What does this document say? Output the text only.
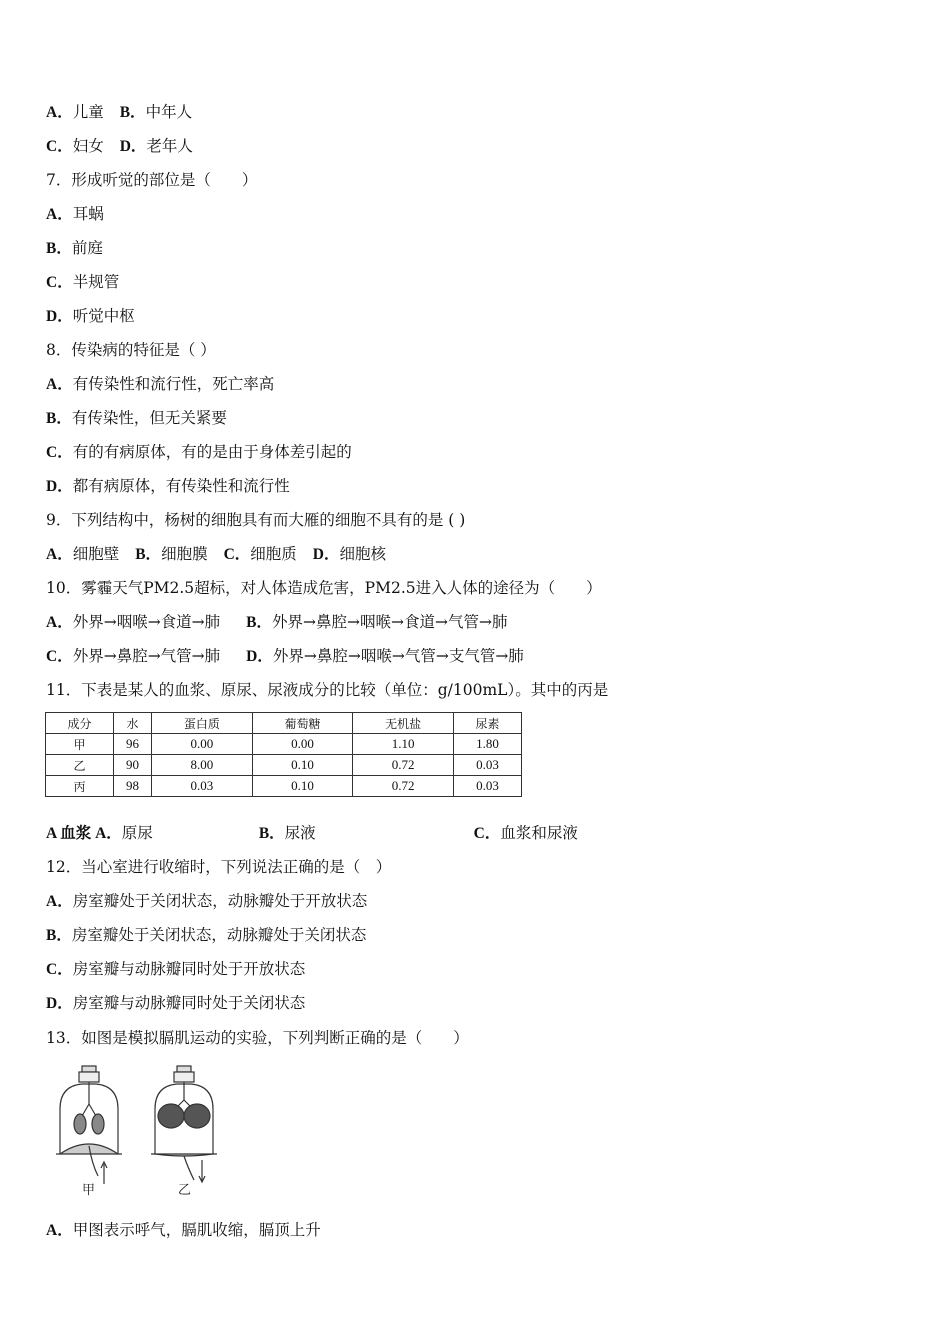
A．儿童 B．中年人
C．妇女 D．老年人
7．形成听觉的部位是（　　）
A．耳蜗
B．前庭
C．半规管
D．听觉中枢
8．传染病的特征是（ ）
A．有传染性和流行性，死亡率高
B．有传染性，但无关紧要
C．有的有病原体，有的是由于身体差引起的
D．都有病原体，有传染性和流行性
9．下列结构中，杨树的细胞具有而大雁的细胞不具有的是 ( )
A．细胞壁 B．细胞膜 C．细胞质 D．细胞核
10．雾霾天气PM2.5超标，对人体造成危害，PM2.5进入人体的途径为（　　）
A．外界→咽喉→食道→肺 B．外界→鼻腔→咽喉→食道→气管→肺
C．外界→鼻腔→气管→肺 D．外界→鼻腔→咽喉→气管→支气管→肺
11．下表是某人的血浆、原尿、尿液成分的比较（单位：g/100mL）。其中的丙是
成分	水	蛋白质	葡萄糖	无机盐	尿素
甲	96	0.00	0.00	1.10	1.80
乙	90	8.00	0.10	0.72	0.03
丙	98	0.03	0.10	0.72	0.03
A 血浆 A．原尿	B．尿液	C．血浆和尿液
12．当心室进行收缩时，下列说法正确的是（　）
A．房室瓣处于关闭状态，动脉瓣处于开放状态
B．房室瓣处于关闭状态，动脉瓣处于关闭状态
C．房室瓣与动脉瓣同时处于开放状态
D．房室瓣与动脉瓣同时处于关闭状态
13．如图是模拟膈肌运动的实验，下列判断正确的是（　　）
甲	乙
A．甲图表示呼气，膈肌收缩，膈顶上升
